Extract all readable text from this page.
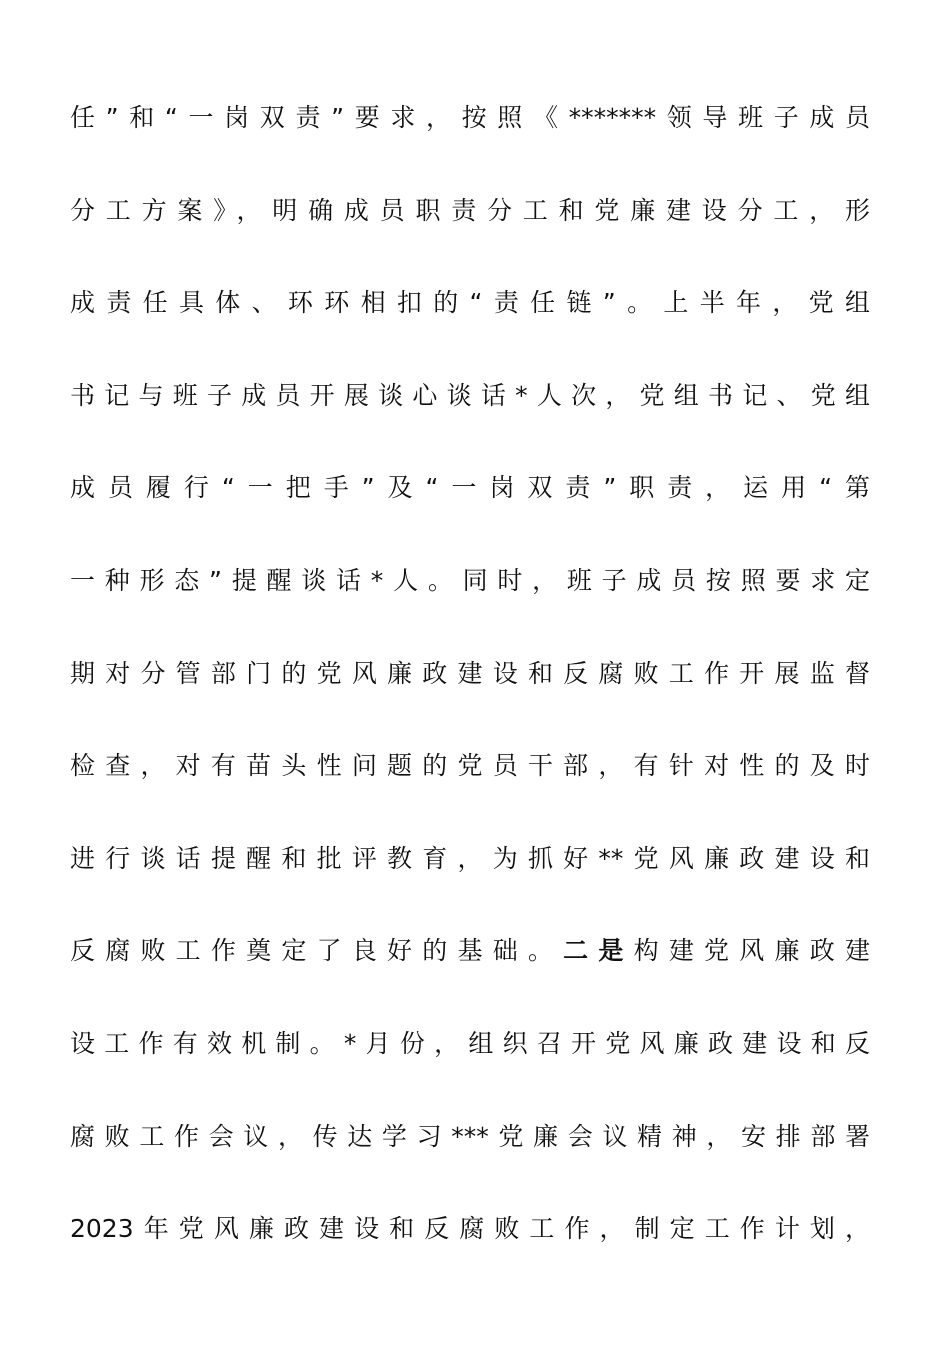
任”和“一岗双责”要求，按照《*******领导班子成员
分工方案》，明确成员职责分工和党廉建设分工，形
成责任具体、环环相扣的“责任链”。上半年，党组
书记与班子成员开展谈心谈话*人次，党组书记、党组
成员履行“一把手”及“一岗双责”职责，运用“第
一种形态”提醒谈话*人。同时，班子成员按照要求定
期对分管部门的党风廉政建设和反腐败工作开展监督
检查，对有苗头性问题的党员干部，有针对性的及时
进行谈话提醒和批评教育，为抓好**党风廉政建设和
反腐败工作奠定了良好的基础。二是构建党风廉政建
设工作有效机制。*月份，组织召开党风廉政建设和反
腐败工作会议，传达学习***党廉会议精神，安排部署
2023年党风廉政建设和反腐败工作，制定工作计划，
